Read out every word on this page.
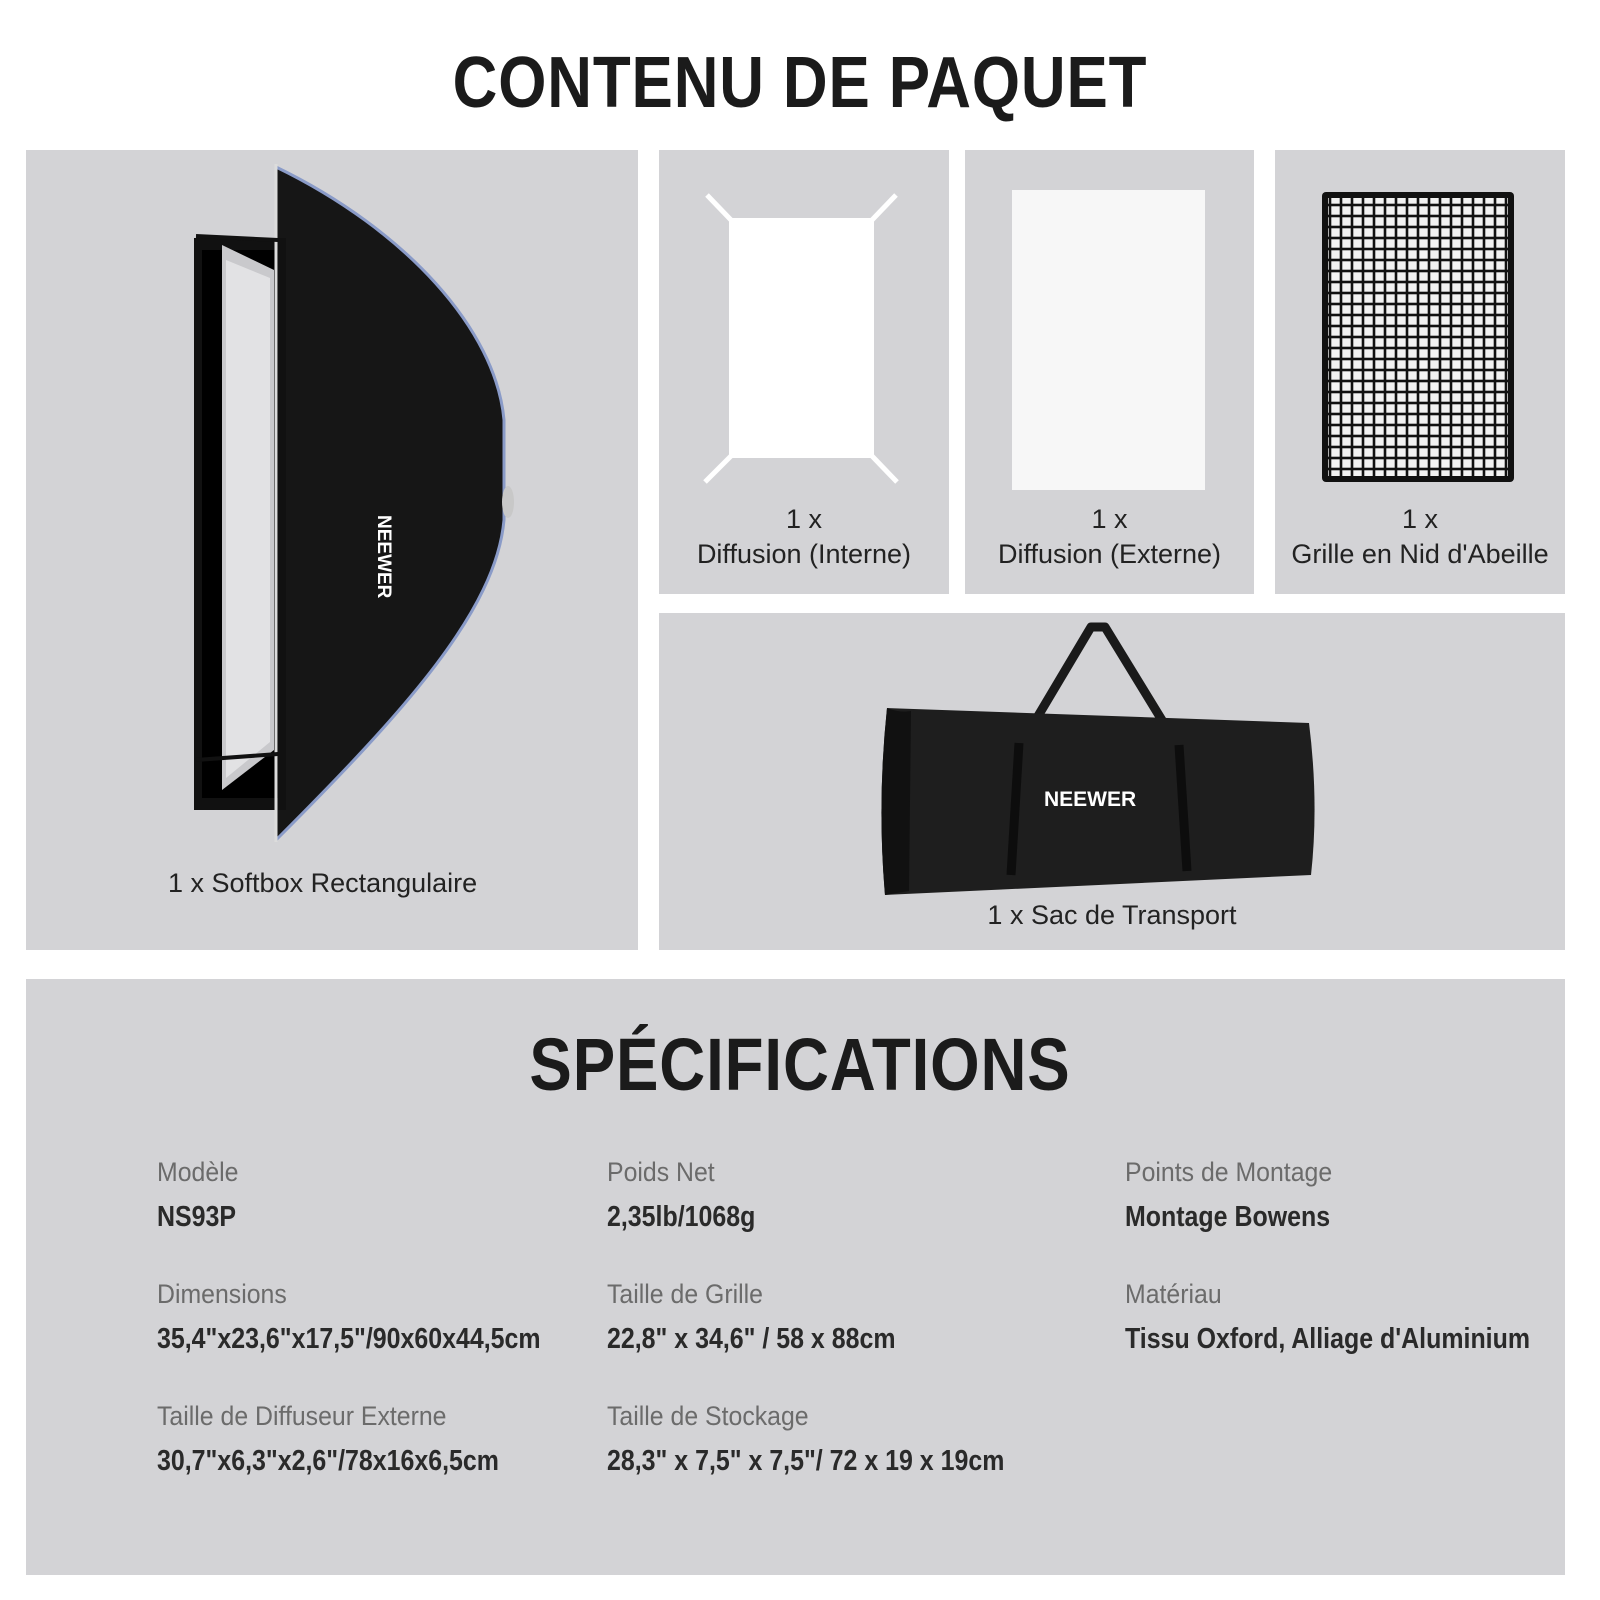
CONTENU DE PAQUET
NEEWER
1 x Softbox Rectangulaire
1 x
Diffusion (Interne)
1 x
Diffusion (Externe)
1 x
Grille en Nid d'Abeille
NEEWER
1 x Sac de Transport
SPÉCIFICATIONS
Modèle
NS93P
Poids Net
2,35lb/1068g
Points de Montage
Montage Bowens
Dimensions
35,4"x23,6"x17,5"/90x60x44,5cm
Taille de Grille
22,8" x 34,6" / 58 x 88cm
Matériau
Tissu Oxford, Alliage d'Aluminium
Taille de Diffuseur Externe
30,7"x6,3"x2,6"/78x16x6,5cm
Taille de Stockage
28,3" x 7,5" x 7,5"/ 72 x 19 x 19cm
